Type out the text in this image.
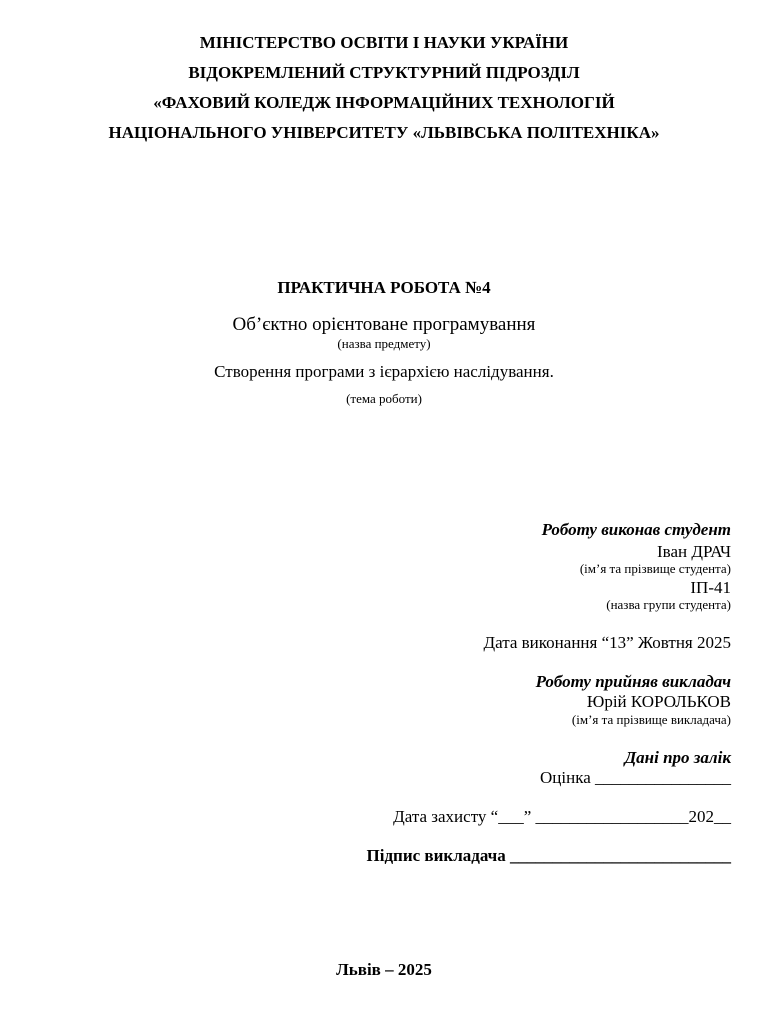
МІНІСТЕРСТВО ОСВІТИ І НАУКИ УКРАЇНИ
ВІДОКРЕМЛЕНИЙ СТРУКТУРНИЙ ПІДРОЗДІЛ
«ФАХОВИЙ КОЛЕДЖ ІНФОРМАЦІЙНИХ ТЕХНОЛОГІЙ
НАЦІОНАЛЬНОГО УНІВЕРСИТЕТУ «ЛЬВІВСЬКА ПОЛІТЕХНІКА»
ПРАКТИЧНА РОБОТА №4
Об’єктно орієнтоване програмування
(назва предмету)
Створення програми з ієрархією наслідування.
(тема роботи)
Роботу виконав студент
Іван ДРАЧ
(ім’я та прізвище студента)
ІП-41
(назва групи студента)
Дата виконання “13” Жовтня 2025
Роботу прийняв викладач
Юрій КОРОЛЬКОВ
(ім’я та прізвище викладача)
Дані про залік
Оцінка ________________
Дата захисту “___” __________________202__
Підпис викладача __________________________
Львів – 2025
